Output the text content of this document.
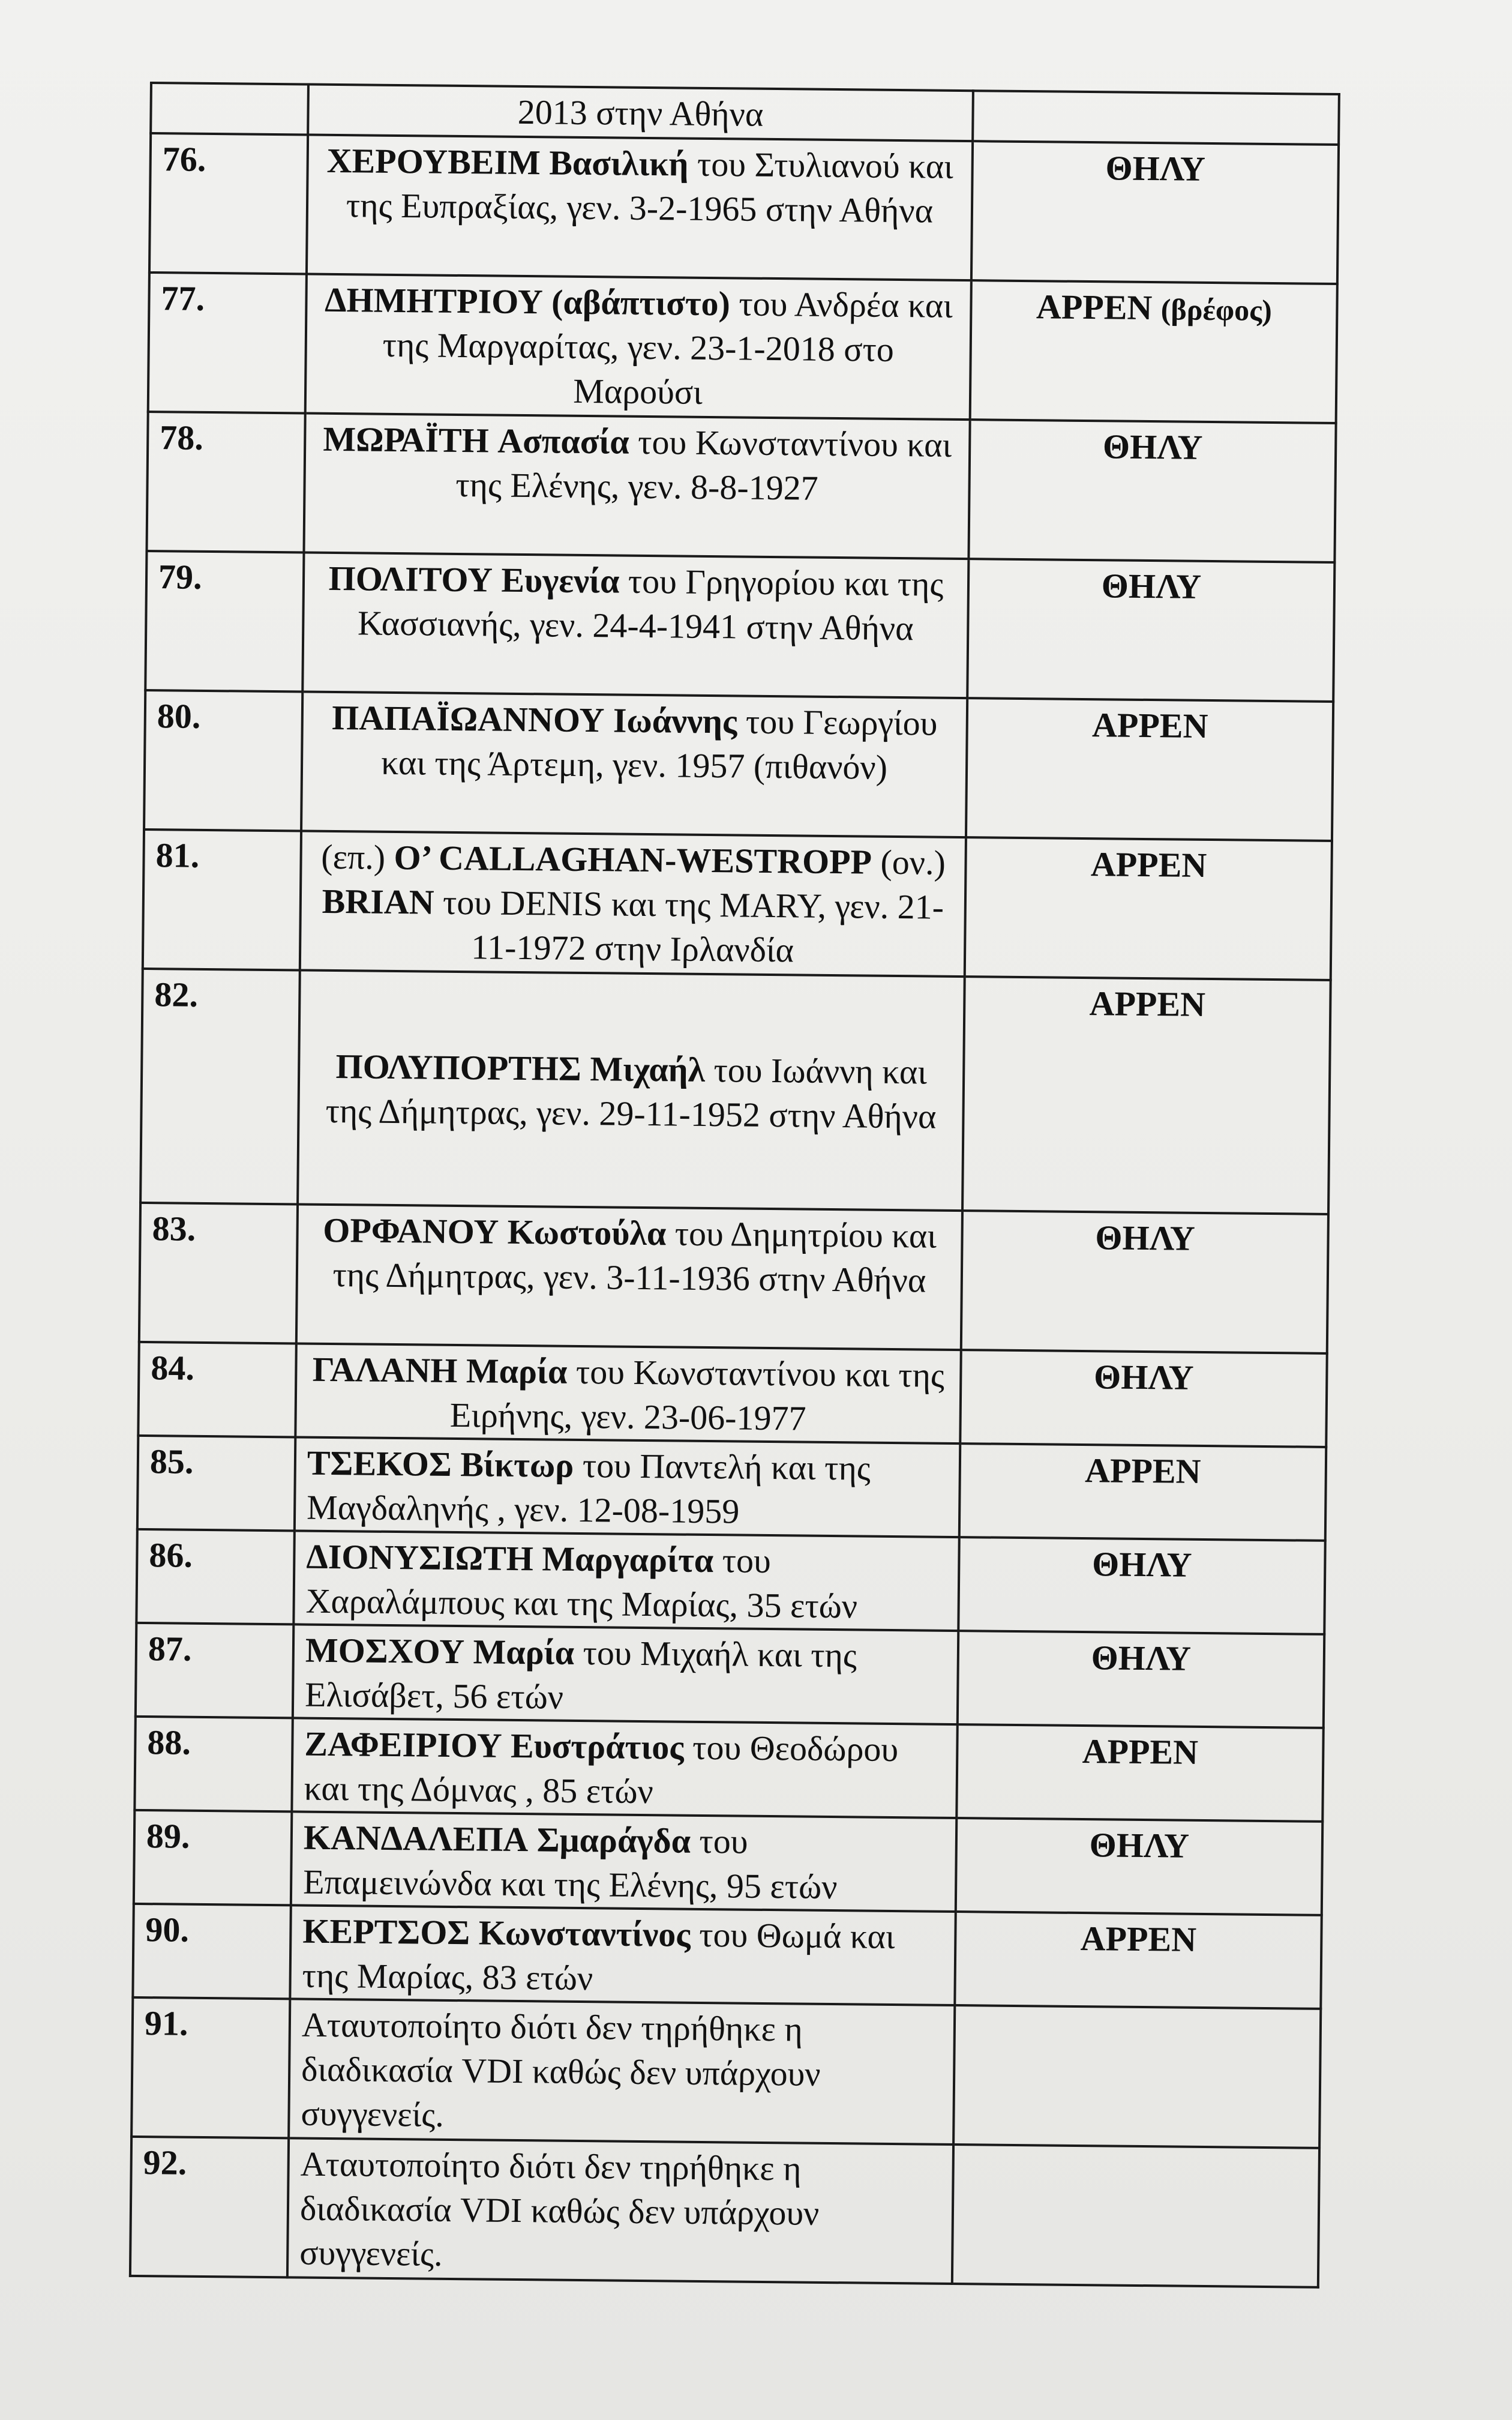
	2013 στην Αθήνα	
76.	ΧΕΡΟΥΒΕΙΜ Βασιλική του Στυλιανού και της Ευπραξίας, γεν. 3-2-1965 στην Αθήνα	ΘΗΛΥ
77.	ΔΗΜΗΤΡΙΟΥ (αβάπτιστο) του Ανδρέα και της Μαργαρίτας, γεν. 23-1-2018 στο Μαρούσι	ΑΡΡΕΝ (βρέφος)
78.	ΜΩΡΑΪΤΗ Ασπασία του Κωνσταντίνου και της Ελένης, γεν. 8-8-1927	ΘΗΛΥ
79.	ΠΟΛΙΤΟΥ Ευγενία του Γρηγορίου και της Κασσιανής, γεν. 24-4-1941 στην Αθήνα	ΘΗΛΥ
80.	ΠΑΠΑΪΩΑΝΝΟΥ Ιωάννης του Γεωργίου και της Άρτεμη, γεν. 1957 (πιθανόν)	ΑΡΡΕΝ
81.	(επ.) O’ CALLAGHAN-WESTROPP (ον.) BRIAN του DENIS και της MARY, γεν. 21-11-1972 στην Ιρλανδία	ΑΡΡΕΝ
82.	ΠΟΛΥΠΟΡΤΗΣ Μιχαήλ του Ιωάννη και της Δήμητρας, γεν. 29-11-1952 στην Αθήνα	ΑΡΡΕΝ
83.	ΟΡΦΑΝΟΥ Κωστούλα του Δημητρίου και της Δήμητρας, γεν. 3-11-1936 στην Αθήνα	ΘΗΛΥ
84.	ΓΑΛΑΝΗ Μαρία του Κωνσταντίνου και της Ειρήνης, γεν. 23-06-1977	ΘΗΛΥ
85.	ΤΣΕΚΟΣ Βίκτωρ του Παντελή και της Μαγδαληνής , γεν. 12-08-1959	ΑΡΡΕΝ
86.	ΔΙΟΝΥΣΙΩΤΗ Μαργαρίτα του Χαραλάμπους και της Μαρίας, 35 ετών	ΘΗΛΥ
87.	ΜΟΣΧΟΥ Μαρία του Μιχαήλ και της Ελισάβετ, 56 ετών	ΘΗΛΥ
88.	ΖΑΦΕΙΡΙΟΥ Ευστράτιος του Θεοδώρου και της Δόμνας , 85 ετών	ΑΡΡΕΝ
89.	ΚΑΝΔΑΛΕΠΑ Σμαράγδα του Επαμεινώνδα και της Ελένης, 95 ετών	ΘΗΛΥ
90.	ΚΕΡΤΣΟΣ Κωνσταντίνος του Θωμά και της Μαρίας, 83 ετών	ΑΡΡΕΝ
91.	Αταυτοποίητο διότι δεν τηρήθηκε η διαδικασία VDI καθώς δεν υπάρχουν συγγενείς.	
92.	Αταυτοποίητο διότι δεν τηρήθηκε η διαδικασία VDI καθώς δεν υπάρχουν συγγενείς.	
